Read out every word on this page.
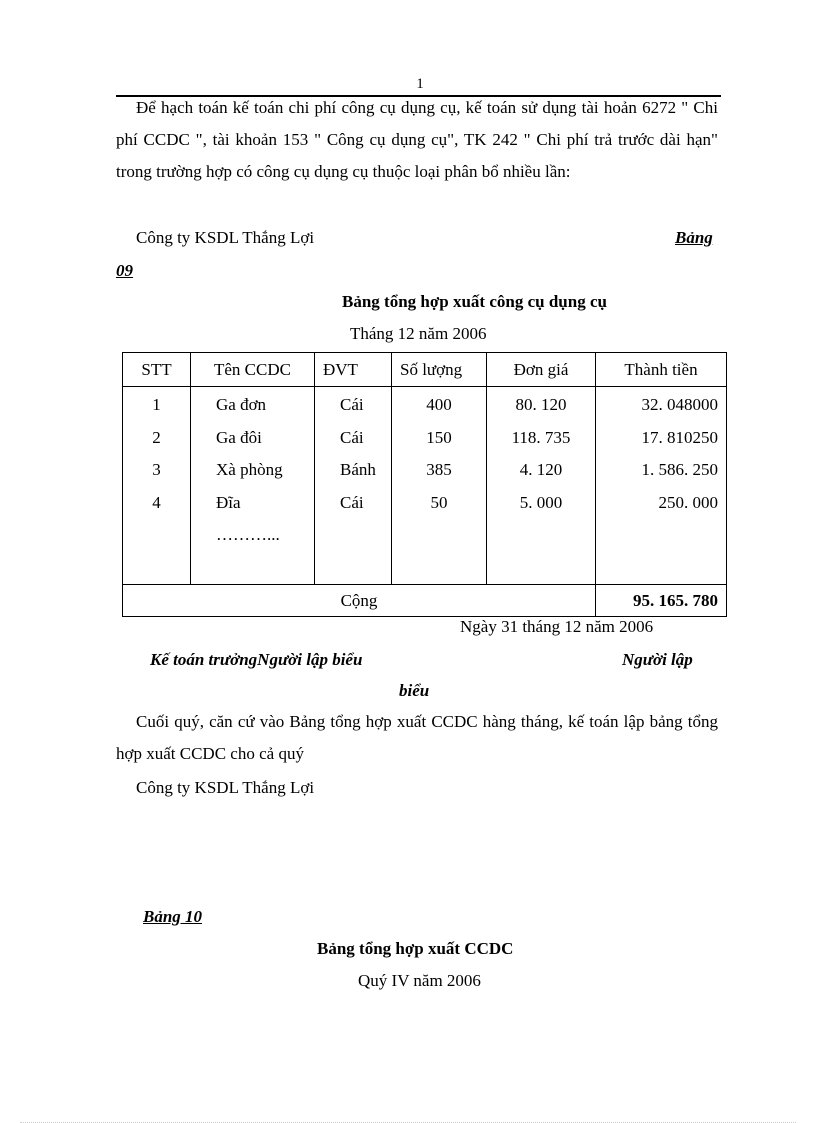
1
Để hạch toán kế toán chi phí công cụ dụng cụ, kế toán sử dụng tài hoản 6272 " Chi phí CCDC ", tài khoản 153 " Công cụ dụng cụ", TK 242 " Chi phí trả trước dài hạn" trong trường hợp có công cụ dụng cụ thuộc loại phân bổ nhiều lần:
Công ty KSDL Thắng Lợi	Bảng
09
Bảng tổng hợp xuất công cụ dụng cụ
Tháng 12 năm 2006
STT	Tên CCDC	ĐVT	Số lượng	Đơn giá	Thành tiền
1	Ga đơn	Cái	400	80. 120	32. 048000
2	Ga đôi	Cái	150	118. 735	17. 810250
3	Xà phòng	Bánh	385	4. 120	1. 586. 250
4	Đĩa	Cái	50	5. 000	250. 000
	………...				

Cộng					95. 165. 780
Ngày 31 tháng 12 năm 2006
Kế toán trưởngNgười lập biểu	Người lập
biểu
Cuối quý, căn cứ vào Bảng tổng hợp xuất CCDC hàng tháng, kế toán lập bảng tổng hợp xuất CCDC cho cả quý
Công ty KSDL Thắng Lợi
Bảng 10
Bảng tổng hợp xuất CCDC
Quý IV năm 2006
